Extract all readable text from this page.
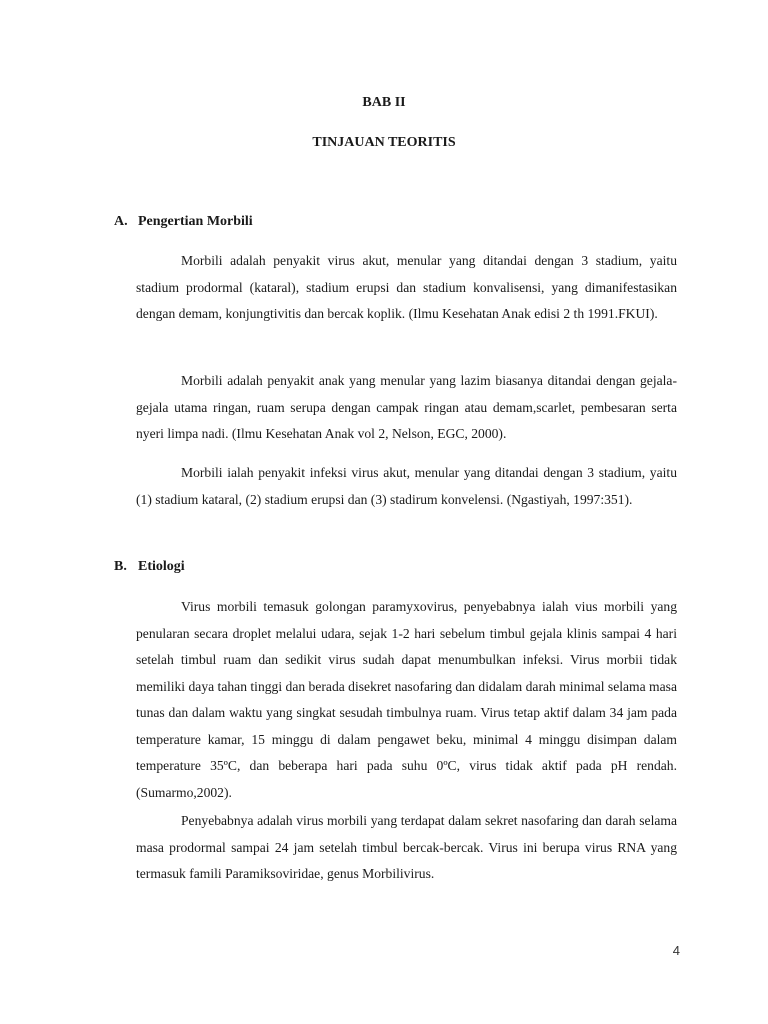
BAB II
TINJAUAN TEORITIS
A. Pengertian Morbili

Morbili adalah penyakit virus akut, menular yang ditandai dengan 3 stadium, yaitu stadium prodormal (kataral), stadium erupsi dan stadium konvalisensi, yang dimanifestasikan dengan demam, konjungtivitis dan bercak koplik. (Ilmu Kesehatan Anak edisi 2 th 1991.FKUI).

Morbili adalah penyakit anak yang menular yang lazim biasanya ditandai dengan gejala-gejala utama ringan, ruam serupa dengan campak ringan atau demam,scarlet, pembesaran serta nyeri limpa nadi. (Ilmu Kesehatan Anak vol 2, Nelson, EGC, 2000).

Morbili ialah penyakit infeksi virus akut, menular yang ditandai dengan 3 stadium, yaitu (1) stadium kataral, (2) stadium erupsi dan (3) stadirum konvelensi. (Ngastiyah, 1997:351).

B. Etiologi

Virus morbili temasuk golongan paramyxovirus, penyebabnya ialah vius morbili yang penularan secara droplet melalui udara, sejak 1-2 hari sebelum timbul gejala klinis sampai 4 hari setelah timbul ruam dan sedikit virus sudah dapat menumbulkan infeksi. Virus morbii tidak memiliki daya tahan tinggi dan berada disekret nasofaring dan didalam darah minimal selama masa tunas dan dalam waktu yang singkat sesudah timbulnya ruam. Virus tetap aktif dalam 34 jam pada temperature kamar, 15 minggu di dalam pengawet beku, minimal 4 minggu disimpan dalam temperature 35ºC, dan beberapa hari pada suhu 0ºC, virus tidak aktif pada pH rendah. (Sumarmo,2002).

Penyebabnya adalah virus morbili yang terdapat dalam sekret nasofaring dan darah selama masa prodormal sampai 24 jam setelah timbul bercak-bercak. Virus ini berupa virus RNA yang termasuk famili Paramiksoviridae, genus Morbilivirus.

4
